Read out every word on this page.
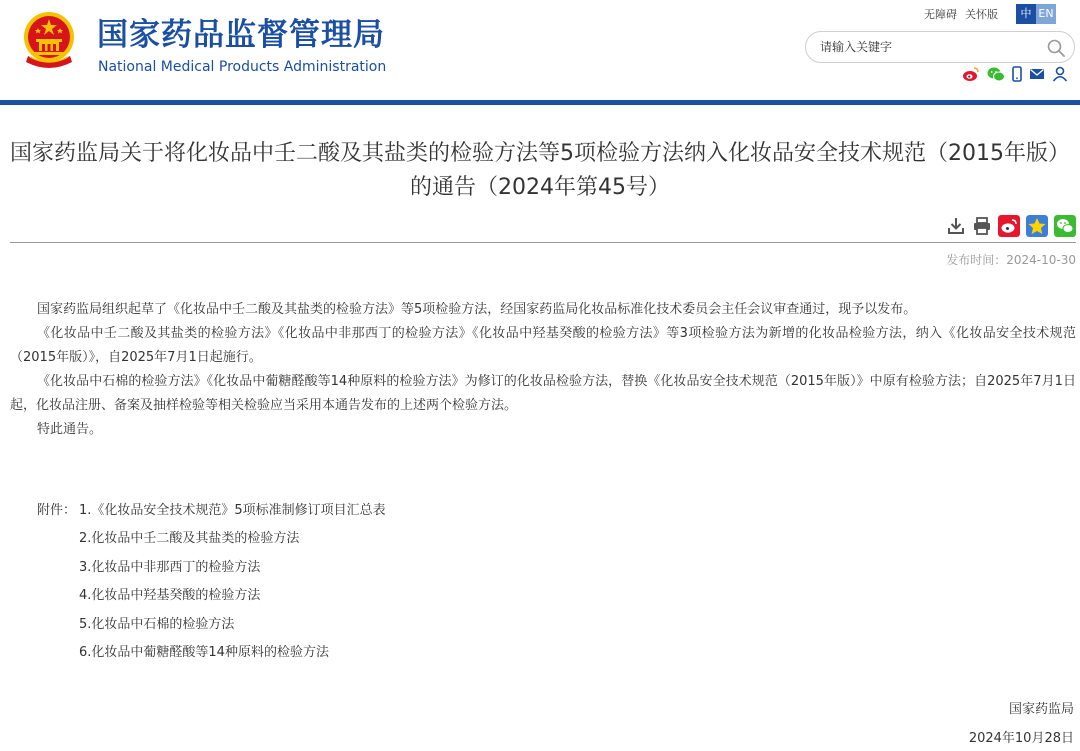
国家药品监督管理局
National Medical Products Administration
无障碍 关怀版	中 EN
请输入关键字
国家药监局关于将化妆品中壬二酸及其盐类的检验方法等5项检验方法纳入化妆品安全技术规范（2015年版）的通告（2024年第45号）
发布时间：2024-10-30

国家药监局组织起草了《化妆品中壬二酸及其盐类的检验方法》等5项检验方法，经国家药监局化妆品标准化技术委员会主任会议审查通过，现予以发布。

《化妆品中壬二酸及其盐类的检验方法》《化妆品中非那西丁的检验方法》《化妆品中羟基癸酸的检验方法》等3项检验方法为新增的化妆品检验方法，纳入《化妆品安全技术规范（2015年版）》，自2025年7月1日起施行。

《化妆品中石棉的检验方法》《化妆品中葡糖醛酸等14种原料的检验方法》为修订的化妆品检验方法，替换《化妆品安全技术规范（2015年版）》中原有检验方法；自2025年7月1日起，化妆品注册、备案及抽样检验等相关检验应当采用本通告发布的上述两个检验方法。

特此通告。

附件： 1.《化妆品安全技术规范》5项标准制修订项目汇总表
2.化妆品中壬二酸及其盐类的检验方法
3.化妆品中非那西丁的检验方法
4.化妆品中羟基癸酸的检验方法
5.化妆品中石棉的检验方法
6.化妆品中葡糖醛酸等14种原料的检验方法
国家药监局
2024年10月28日
